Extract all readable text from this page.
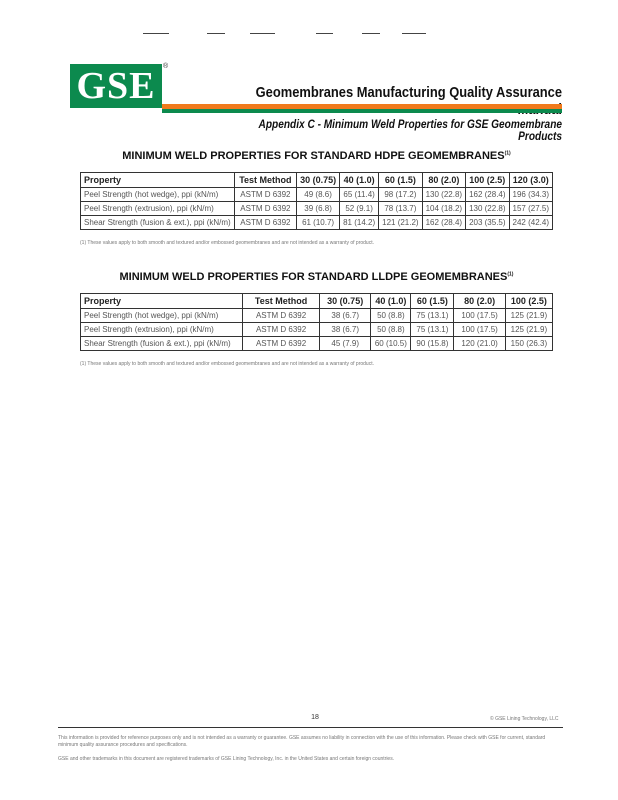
GSE	®
Geomembranes Manufacturing Quality Assurance
Appendix C - Minimum Weld Properties for GSE Geomembrane Products
MINIMUM WELD PROPERTIES FOR STANDARD HDPE GEOMEMBRANES$^{(1)}$
Property	Test Method	30 (0.75)	40 (1.0)	60 (1.5)	80 (2.0)	100 (2.5)	120 (3.0)
Peel Strength (hot wedge), ppi (kN/m)	ASTM D 6392	49 (8.6)	65 (11.4)	98 (17.2)	130 (22.8)	162 (28.4)	196 (34.3)
Peel Strength (extrusion), ppi (kN/m)	ASTM D 6392	39 (6.8)	52 (9.1)	78 (13.7)	104 (18.2)	130 (22.8)	157 (27.5)
Shear Strength (fusion & ext.), ppi (kN/m)	ASTM D 6392	61 (10.7)	81 (14.2)	121 (21.2)	162 (28.4)	203 (35.5)	242 (42.4)
(1) These values apply to both smooth and textured and/or embossed geomembranes and are not intended as a warranty of product.
MINIMUM WELD PROPERTIES FOR STANDARD LLDPE GEOMEMBRANES$^{(1)}$
Property	Test Method	30 (0.75)	40 (1.0)	60 (1.5)	80 (2.0)	100 (2.5)
Peel Strength (hot wedge), ppi (kN/m)	ASTM D 6392	38 (6.7)	50 (8.8)	75 (13.1)	100 (17.5)	125 (21.9)
Peel Strength (extrusion), ppi (kN/m)	ASTM D 6392	38 (6.7)	50 (8.8)	75 (13.1)	100 (17.5)	125 (21.9)
Shear Strength (fusion & ext.), ppi (kN/m)	ASTM D 6392	45 (7.9)	60 (10.5)	90 (15.8)	120 (21.0)	150 (26.3)
(1) These values apply to both smooth and textured and/or embossed geomembranes and are not intended as a warranty of product.
18	© GSE Lining Technology, LLC
This information is provided for reference purposes only and is not intended as a warranty or guarantee. GSE assumes no liability in connection with the use of this information. Please check with GSE for current, standard minimum quality assurance procedures and specifications.
GSE and other trademarks in this document are registered trademarks of GSE Lining Technology, Inc. in the United States and certain foreign countries.
